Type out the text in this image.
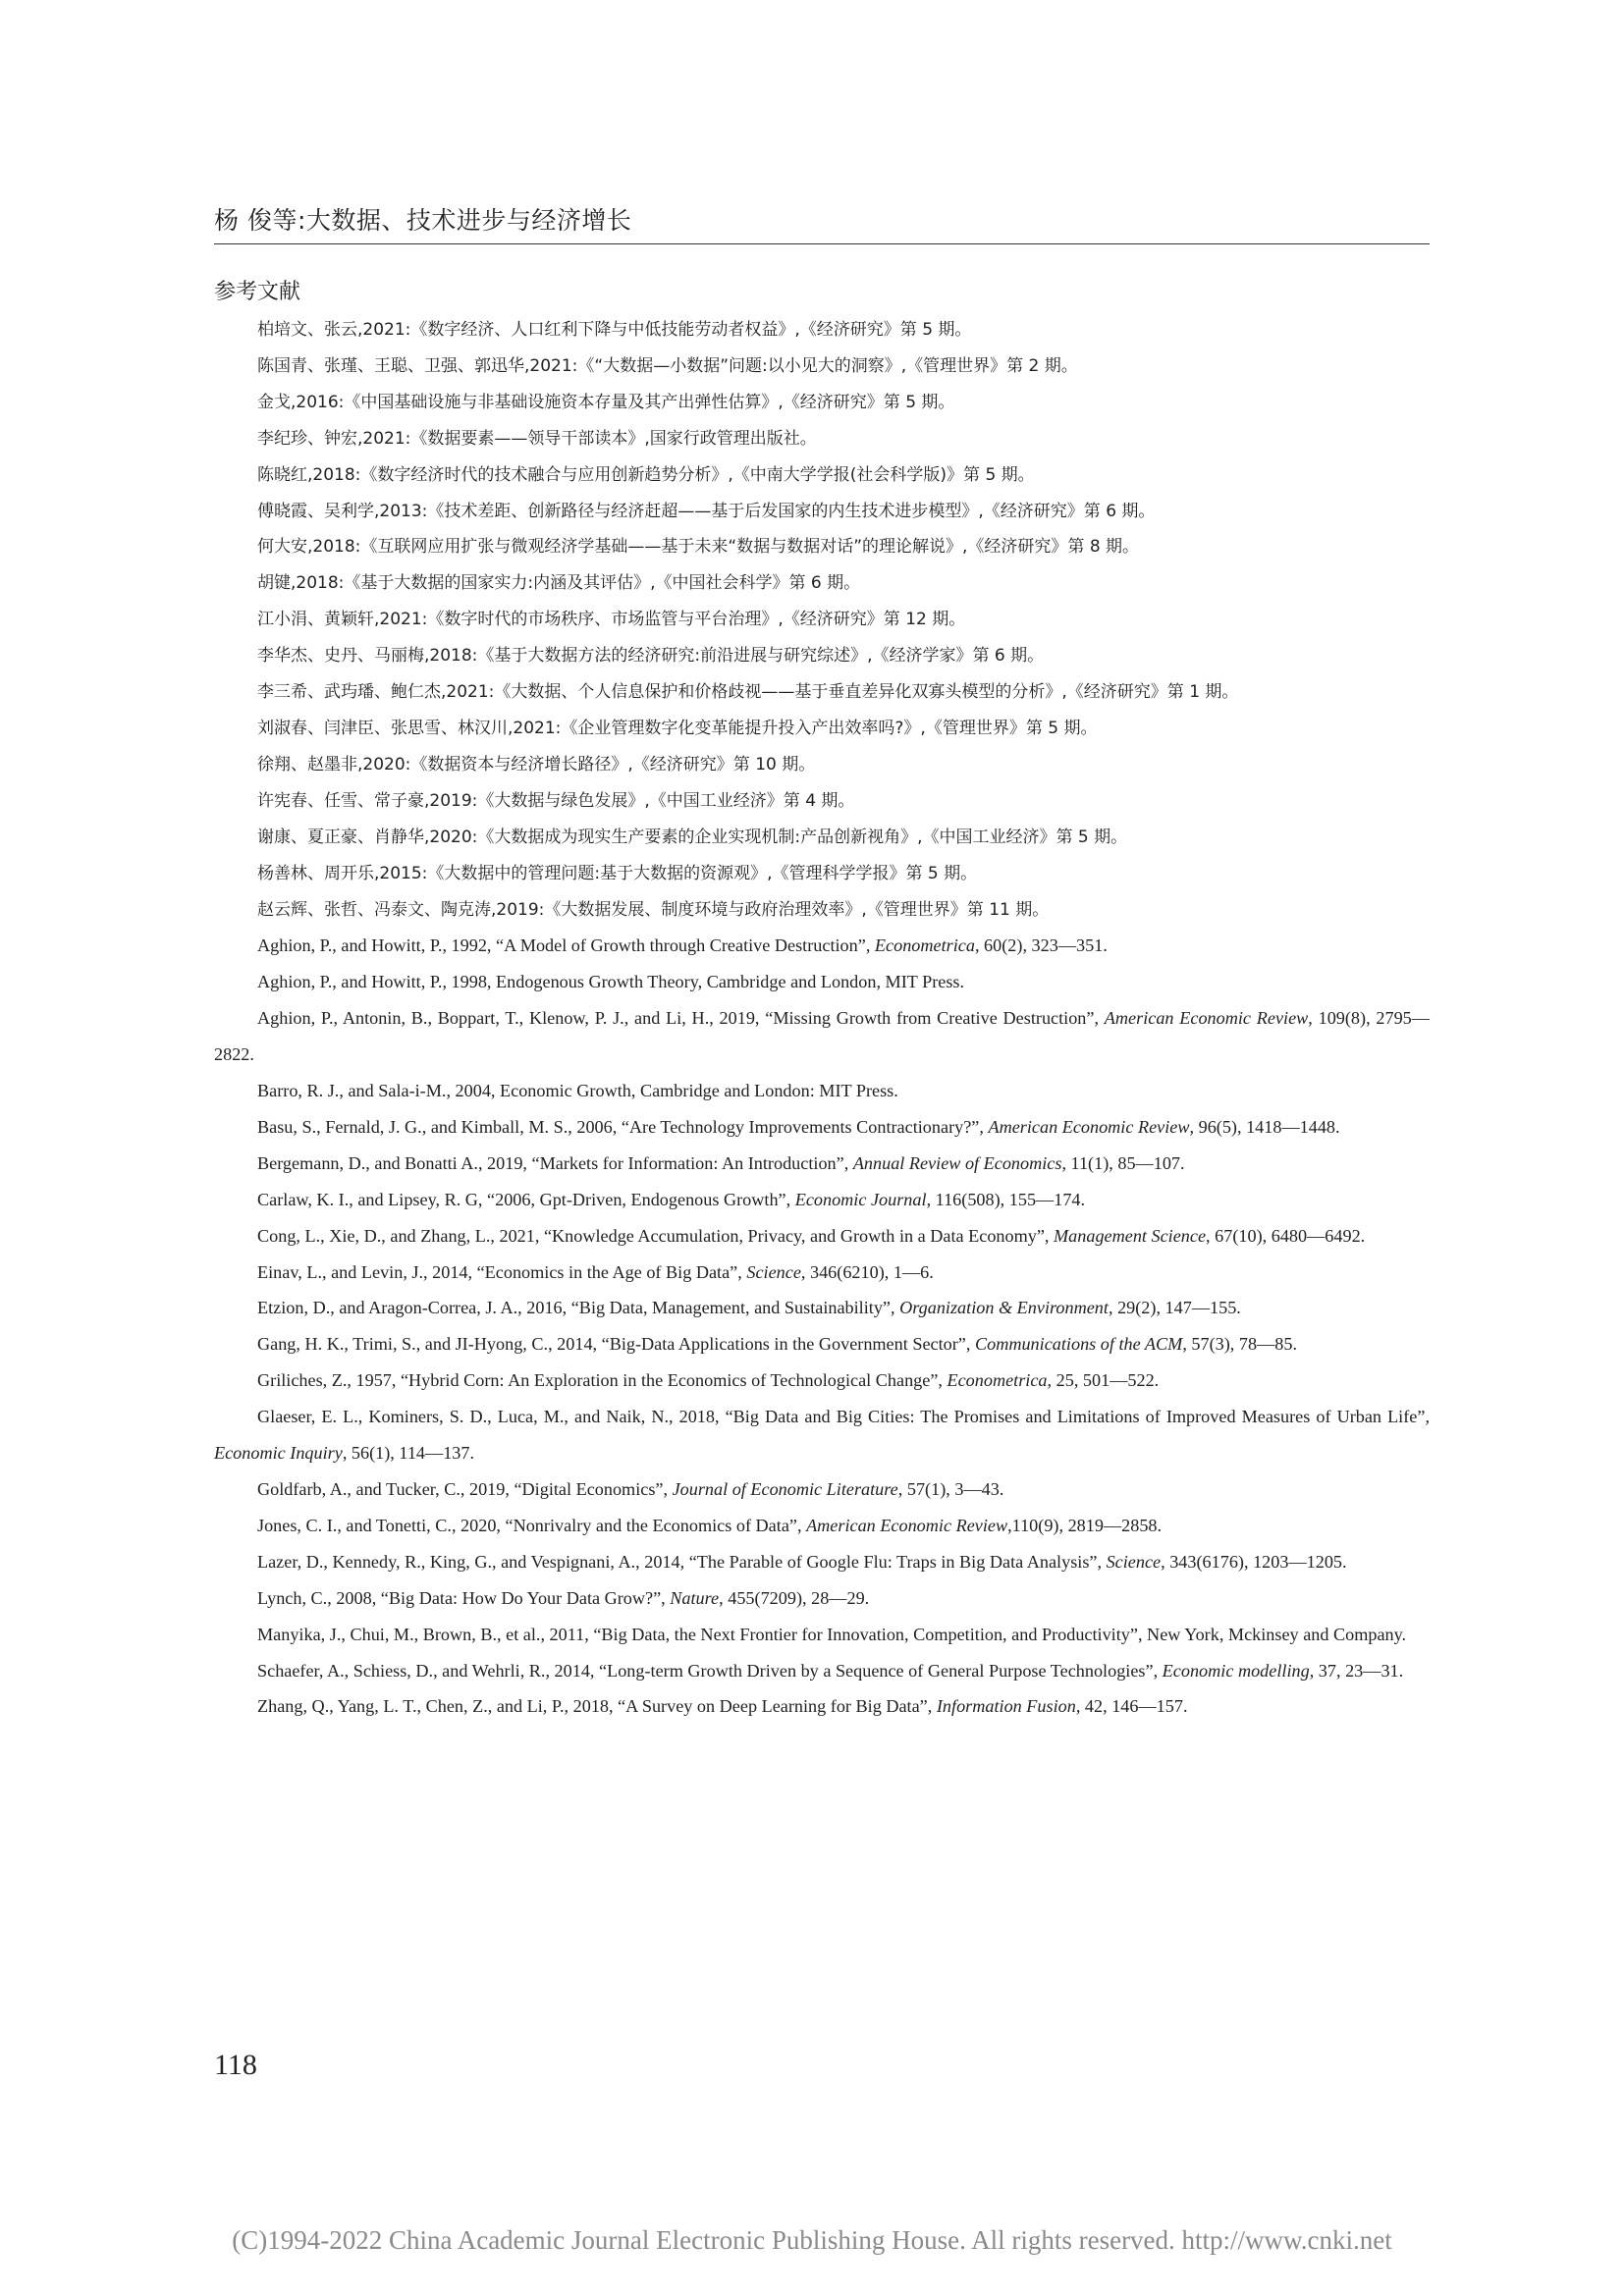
杨 俊等:大数据、技术进步与经济增长
参考文献

柏培文、张云,2021:《数字经济、人口红利下降与中低技能劳动者权益》,《经济研究》第 5 期。

陈国青、张瑾、王聪、卫强、郭迅华,2021:《“大数据—小数据”问题:以小见大的洞察》,《管理世界》第 2 期。

金戈,2016:《中国基础设施与非基础设施资本存量及其产出弹性估算》,《经济研究》第 5 期。

李纪珍、钟宏,2021:《数据要素——领导干部读本》,国家行政管理出版社。

陈晓红,2018:《数字经济时代的技术融合与应用创新趋势分析》,《中南大学学报(社会科学版)》第 5 期。

傅晓霞、吴利学,2013:《技术差距、创新路径与经济赶超——基于后发国家的内生技术进步模型》,《经济研究》第 6 期。

何大安,2018:《互联网应用扩张与微观经济学基础——基于未来“数据与数据对话”的理论解说》,《经济研究》第 8 期。

胡键,2018:《基于大数据的国家实力:内涵及其评估》,《中国社会科学》第 6 期。

江小涓、黄颖轩,2021:《数字时代的市场秩序、市场监管与平台治理》,《经济研究》第 12 期。

李华杰、史丹、马丽梅,2018:《基于大数据方法的经济研究:前沿进展与研究综述》,《经济学家》第 6 期。

李三希、武玙璠、鲍仁杰,2021:《大数据、个人信息保护和价格歧视——基于垂直差异化双寡头模型的分析》,《经济研究》第 1 期。

刘淑春、闫津臣、张思雪、林汉川,2021:《企业管理数字化变革能提升投入产出效率吗?》,《管理世界》第 5 期。

徐翔、赵墨非,2020:《数据资本与经济增长路径》,《经济研究》第 10 期。

许宪春、任雪、常子豪,2019:《大数据与绿色发展》,《中国工业经济》第 4 期。

谢康、夏正豪、肖静华,2020:《大数据成为现实生产要素的企业实现机制:产品创新视角》,《中国工业经济》第 5 期。

杨善林、周开乐,2015:《大数据中的管理问题:基于大数据的资源观》,《管理科学学报》第 5 期。

赵云辉、张哲、冯泰文、陶克涛,2019:《大数据发展、制度环境与政府治理效率》,《管理世界》第 11 期。

Aghion, P., and Howitt, P., 1992, “A Model of Growth through Creative Destruction”, Econometrica, 60(2), 323—351.

Aghion, P., and Howitt, P., 1998, Endogenous Growth Theory, Cambridge and London, MIT Press.

Aghion, P., Antonin, B., Boppart, T., Klenow, P. J., and Li, H., 2019, “Missing Growth from Creative Destruction”, American Economic Review, 109(8), 2795—2822.

Barro, R. J., and Sala-i-M., 2004, Economic Growth, Cambridge and London: MIT Press.

Basu, S., Fernald, J. G., and Kimball, M. S., 2006, “Are Technology Improvements Contractionary?”, American Economic Review, 96(5), 1418—1448.

Bergemann, D., and Bonatti A., 2019, “Markets for Information: An Introduction”, Annual Review of Economics, 11(1), 85—107.

Carlaw, K. I., and Lipsey, R. G, “2006, Gpt-Driven, Endogenous Growth”, Economic Journal, 116(508), 155—174.

Cong, L., Xie, D., and Zhang, L., 2021, “Knowledge Accumulation, Privacy, and Growth in a Data Economy”, Management Science, 67(10), 6480—6492.

Einav, L., and Levin, J., 2014, “Economics in the Age of Big Data”, Science, 346(6210), 1—6.

Etzion, D., and Aragon-Correa, J. A., 2016, “Big Data, Management, and Sustainability”, Organization & Environment, 29(2), 147—155.

Gang, H. K., Trimi, S., and JI-Hyong, C., 2014, “Big-Data Applications in the Government Sector”, Communications of the ACM, 57(3), 78—85.

Griliches, Z., 1957, “Hybrid Corn: An Exploration in the Economics of Technological Change”, Econometrica, 25, 501—522.

Glaeser, E. L., Kominers, S. D., Luca, M., and Naik, N., 2018, “Big Data and Big Cities: The Promises and Limitations of Improved Measures of Urban Life”, Economic Inquiry, 56(1), 114—137.

Goldfarb, A., and Tucker, C., 2019, “Digital Economics”, Journal of Economic Literature, 57(1), 3—43.

Jones, C. I., and Tonetti, C., 2020, “Nonrivalry and the Economics of Data”, American Economic Review,110(9), 2819—2858.

Lazer, D., Kennedy, R., King, G., and Vespignani, A., 2014, “The Parable of Google Flu: Traps in Big Data Analysis”, Science, 343(6176), 1203—1205.

Lynch, C., 2008, “Big Data: How Do Your Data Grow?”, Nature, 455(7209), 28—29.

Manyika, J., Chui, M., Brown, B., et al., 2011, “Big Data, the Next Frontier for Innovation, Competition, and Productivity”, New York, Mckinsey and Company.

Schaefer, A., Schiess, D., and Wehrli, R., 2014, “Long-term Growth Driven by a Sequence of General Purpose Technologies”, Economic modelling, 37, 23—31.

Zhang, Q., Yang, L. T., Chen, Z., and Li, P., 2018, “A Survey on Deep Learning for Big Data”, Information Fusion, 42, 146—157.

118
(C)1994-2022 China Academic Journal Electronic Publishing House. All rights reserved. http://www.cnki.net
